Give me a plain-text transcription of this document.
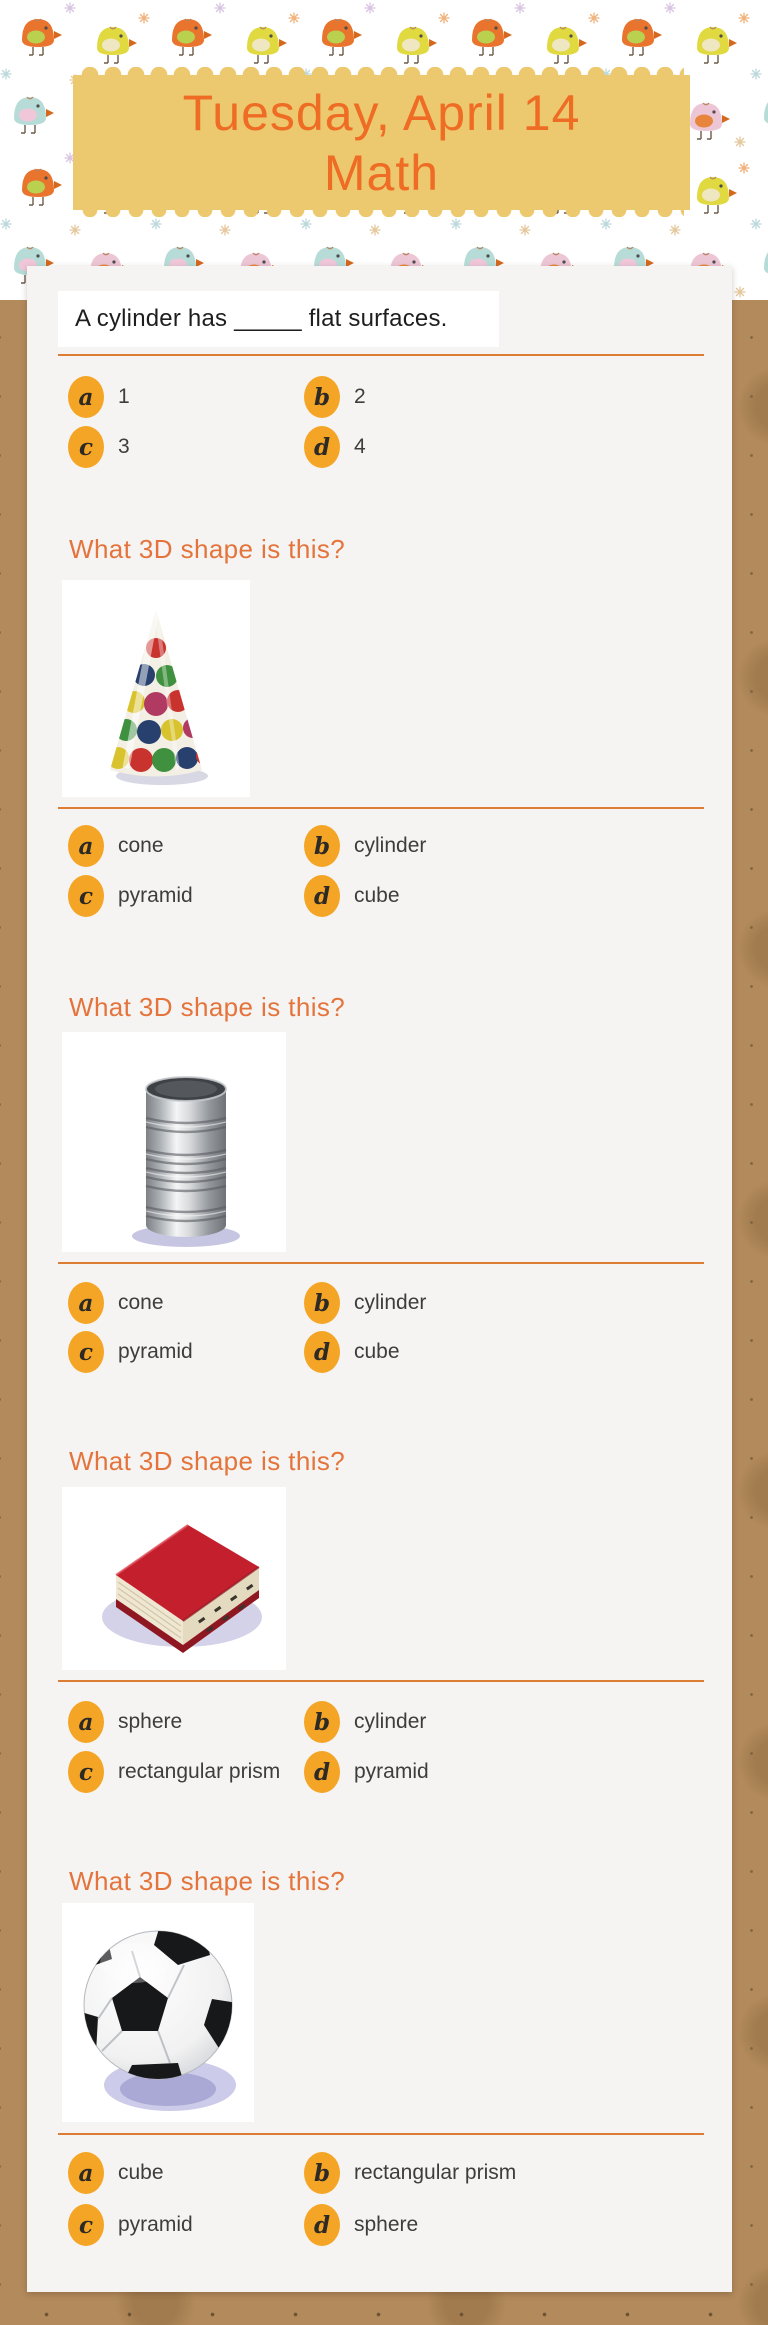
Tuesday, April 14
Math
A cylinder has _____ flat surfaces.
a 1	b 2
c 3	d 4
What 3D shape is this?
a cone	b cylinder
c pyramid	d cube
What 3D shape is this?
a cone	b cylinder
c pyramid	d cube
What 3D shape is this?
a sphere	b cylinder
c rectangular prism d pyramid
What 3D shape is this?
a cube	b rectangular prism
c pyramid	d sphere
